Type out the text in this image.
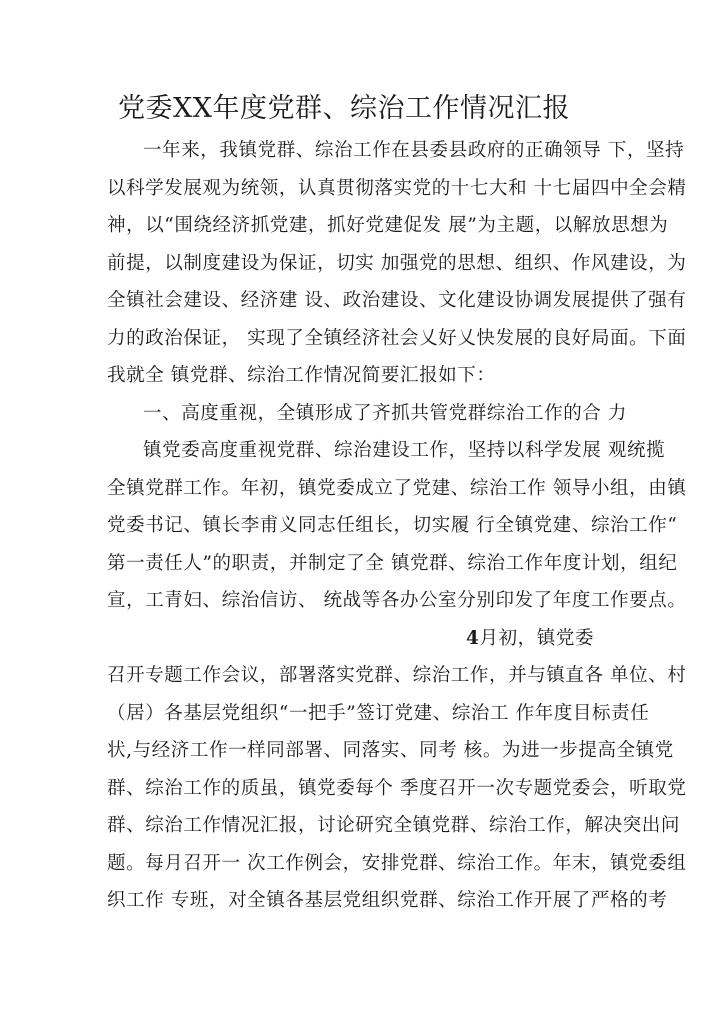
党委XX年度党群、综治工作情况汇报
一年来，我镇党群、综治工作在县委县政府的正确领导 下，坚持
以科学发展观为统领，认真贯彻落实党的十七大和 十七届四中全会精
神，以“围绕经济抓党建，抓好党建促发 展”为主题，以解放思想为
前提，以制度建设为保证，切实 加强党的思想、组织、作风建设，为
全镇社会建设、经济建 设、政治建设、文化建设协调发展提供了强有
力的政治保证， 实现了全镇经济社会乂好乂快发展的良好局面。下面
我就全 镇党群、综治工作情况简要汇报如下：
一、高度重视，全镇形成了齐抓共管党群综治工作的合 力
镇党委高度重视党群、综治建设工作，坚持以科学发展 观统揽
全镇党群工作。年初，镇党委成立了党建、综治工作 领导小组，由镇
党委书记、镇长李甫义同志任组长，切实履 行全镇党建、综治工作“
第一责任人”的职责，并制定了全 镇党群、综治工作年度计划，组纪
宣，工青妇、综治信访、 统战等各办公室分别印发了年度工作要点。
4月初，镇党委
召开专题工作会议，部署落实党群、综治工作，并与镇直各 单位、村
（居）各基层党组织“一把手”签订党建、综治工 作年度目标责任
状,与经济工作一样同部署、同落实、同考 核。为进一步提高全镇党
群、综治工作的质虽，镇党委每个 季度召开一次专题党委会，听取党
群、综治工作情况汇报，讨论研究全镇党群、综治工作，解决突出问
题。每月召开一 次工作例会，安排党群、综治工作。年末，镇党委组
织工作 专班，对全镇各基层党组织党群、综治工作开展了严格的考
